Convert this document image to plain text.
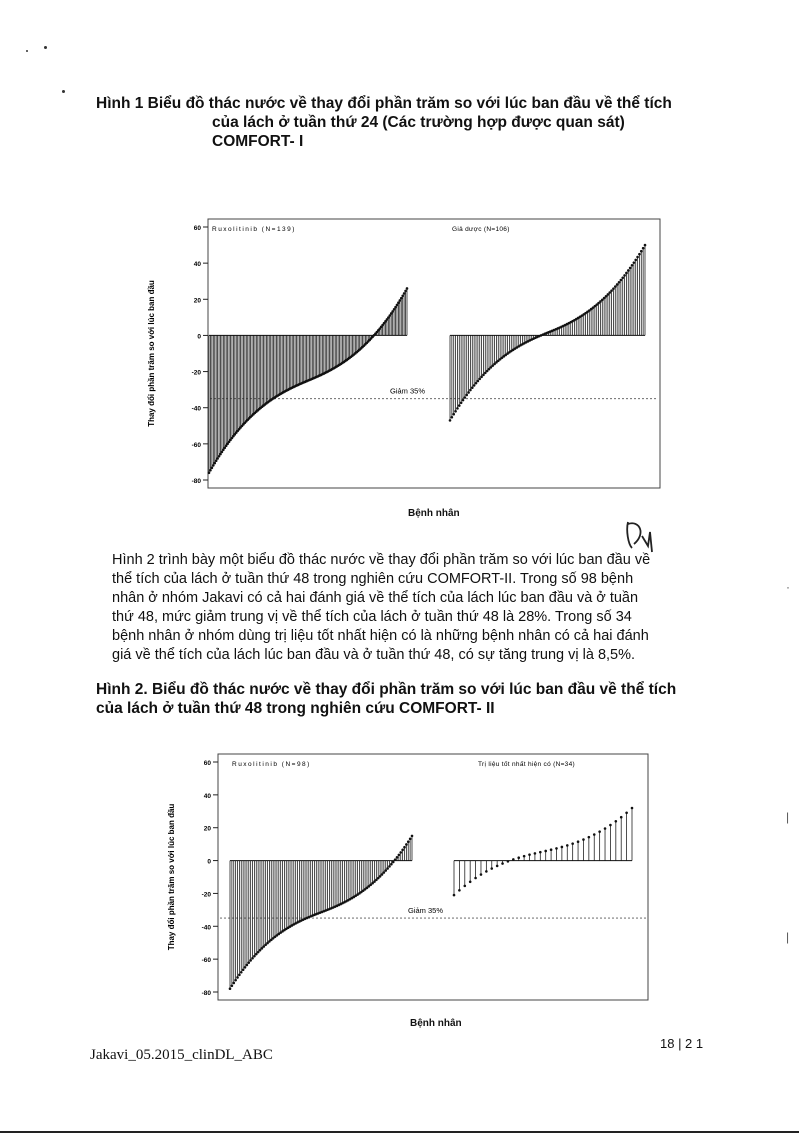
Hình 1 Biểu đồ thác nước về thay đổi phần trăm so với lúc ban đầu về thể tích
của lách ở tuần thứ 24 (Các trường hợp được quan sát)
COMFORT- I
60
40
20
0
-20
-40
-60
-80
Thay đổi phần trăm so với lúc ban đầu	Giảm 35%
Ruxolitinib (N=139)	Giả dược (N=106)
Bệnh nhân
Hình 2 trình bày một biểu đồ thác nước về thay đổi phần trăm so với lúc ban đầu về
thể tích của lách ở tuần thứ 48 trong nghiên cứu COMFORT-II. Trong số 98 bệnh
nhân ở nhóm Jakavi có cả hai đánh giá về thể tích của lách lúc ban đầu và ở tuần
thứ 48, mức giảm trung vị về thể tích của lách ở tuần thứ 48 là 28%. Trong số 34
bệnh nhân ở nhóm dùng trị liệu tốt nhất hiện có là những bệnh nhân có cả hai đánh
giá về thể tích của lách lúc ban đầu và ở tuần thứ 48, có sự tăng trung vị là 8,5%.
Hình 2. Biểu đồ thác nước về thay đổi phần trăm so với lúc ban đầu về thể tích
của lách ở tuần thứ 48 trong nghiên cứu COMFORT- II
60
40
20
0
-20
-40
-60
-80
Thay đổi phần trăm so với lúc ban đầu	Giảm 35%
Ruxolitinib (N=98)	Trị liệu tốt nhất hiện có (N=34)
Bệnh nhân
Jakavi_05.2015_clinDL_ABC
18 | 2 1
·
|
|
